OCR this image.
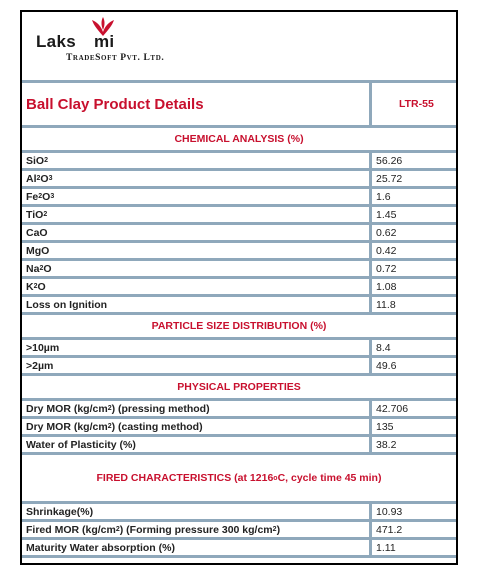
Laks mi
TradeSoft Pvt. Ltd.
Ball Clay Product Details	LTR-55
CHEMICAL ANALYSIS (%)
SiO 2	56.26
Al 2 O 3	25.72
Fe 2 O 3	1.6
TiO 2	1.45
CaO	0.62
MgO	0.42
Na 2 O	0.72
K 2 O	1.08
Loss on Ignition	11.8
PARTICLE SIZE DISTRIBUTION (%)
>10µm	8.4
>2µm	49.6
PHYSICAL PROPERTIES
Dry MOR (kg/cm 2 ) (pressing method)	42.706
Dry MOR (kg/cm 2 ) (casting method)	135
Water of Plasticity (%)	38.2
FIRED CHARACTERISTICS (at 1216 o C, cycle time 45 min)
Shrinkage(%)	10.93
Fired MOR (kg/cm 2 ) (Forming pressure 300 kg/cm 2 )	471.2
Maturity Water absorption (%)	1.11
